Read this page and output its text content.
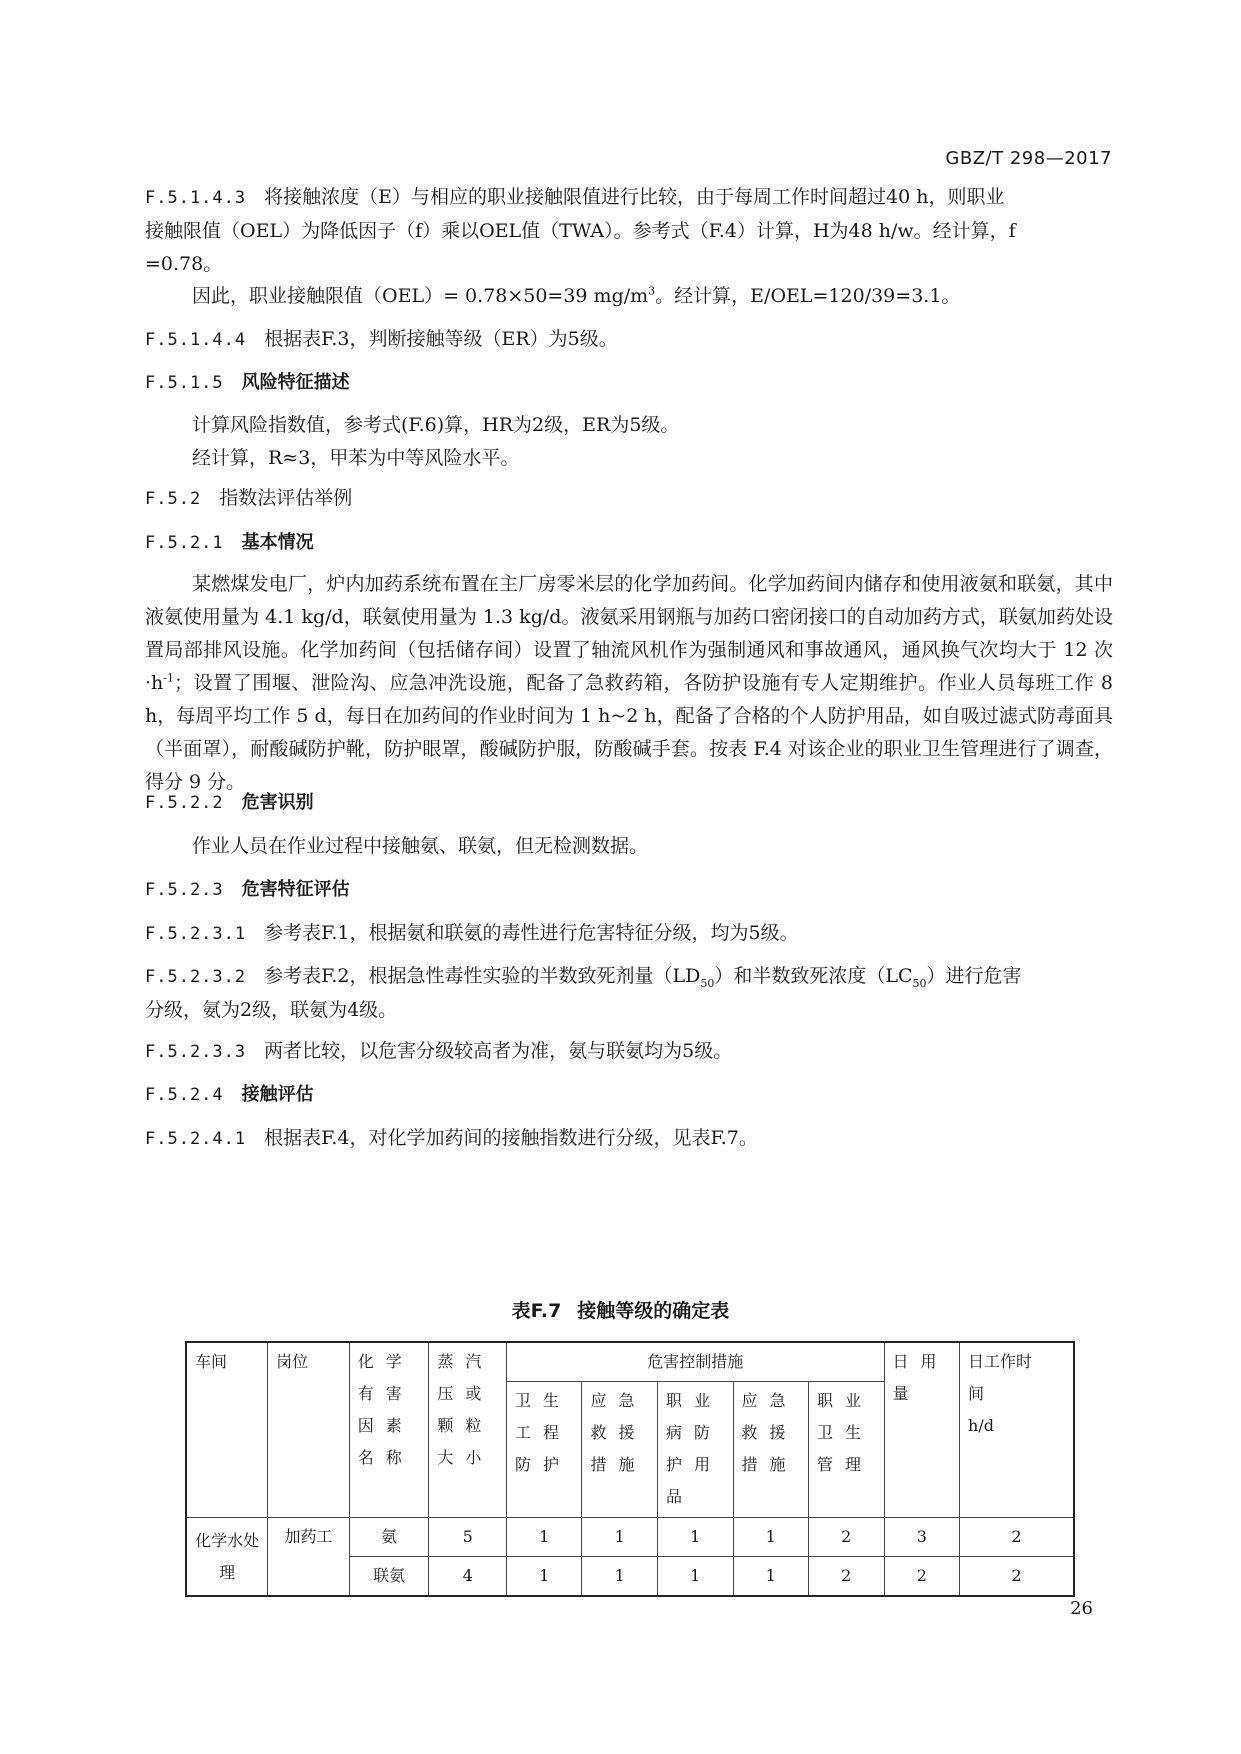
GBZ/T 298—2017
F.5.1.4.3 将接触浓度（E）与相应的职业接触限值进行比较，由于每周工作时间超过40 h，则职业
接触限值（OEL）为降低因子（f）乘以OEL值（TWA）。参考式（F.4）计算，H为48 h/w。经计算，f
=0.78。
因此，职业接触限值（OEL）= 0.78×50=39 $mg/m^3$。经计算，E/OEL=120/39=3.1。
F.5.1.4.4 根据表F.3，判断接触等级（ER）为5级。
F.5.1.5 风险特征描述
计算风险指数值，参考式(F.6)算，HR为2级，ER为5级。
经计算，R≈3，甲苯为中等风险水平。
F.5.2 指数法评估举例
F.5.2.1 基本情况
某燃煤发电厂，炉内加药系统布置在主厂房零米层的化学加药间。化学加药间内储存和使用液氨和联氨，其中液氨使用量为 4.1 kg/d，联氨使用量为 1.3 kg/d。液氨采用钢瓶与加药口密闭接口的自动加药方式，联氨加药处设置局部排风设施。化学加药间（包括储存间）设置了轴流风机作为强制通风和事故通风，通风换气次均大于 12 次$\cdot h^{-1}$；设置了围堰、泄险沟、应急冲洗设施，配备了急救药箱，各防护设施有专人定期维护。作业人员每班工作 8 h，每周平均工作 5 d，每日在加药间的作业时间为 1 h~2 h，配备了合格的个人防护用品，如自吸过滤式防毒面具（半面罩），耐酸碱防护靴，防护眼罩，酸碱防护服，防酸碱手套。按表 F.4 对该企业的职业卫生管理进行了调查，得分 9 分。
F.5.2.2 危害识别
作业人员在作业过程中接触氨、联氨，但无检测数据。
F.5.2.3 危害特征评估
F.5.2.3.1 参考表F.1，根据氨和联氨的毒性进行危害特征分级，均为5级。
F.5.2.3.2 参考表F.2，根据急性毒性实验的半数致死剂量$(LD_{50})$和半数致死浓度$(LC_{50})$进行危害
分级，氨为2级，联氨为4级。
F.5.2.3.3 两者比较，以危害分级较高者为准，氨与联氨均为5级。
F.5.2.4 接触评估
F.5.2.4.1 根据表F.4，对化学加药间的接触指数进行分级，见表F.7。
表F.7 接触等级的确定表
车间	岗位	化学有害因素名称	蒸汽压或颗粒大小	危害控制措施					日用量	日工作时间
h/d

				卫生工程防护	应急救援措施	职业病防护用品	应急救援措施	职业卫生管理		
化学水处理	加药工	氨	5	1	1	1	1	2	3	2
		联氨	4	1	1	1	1	2	2	2
26
